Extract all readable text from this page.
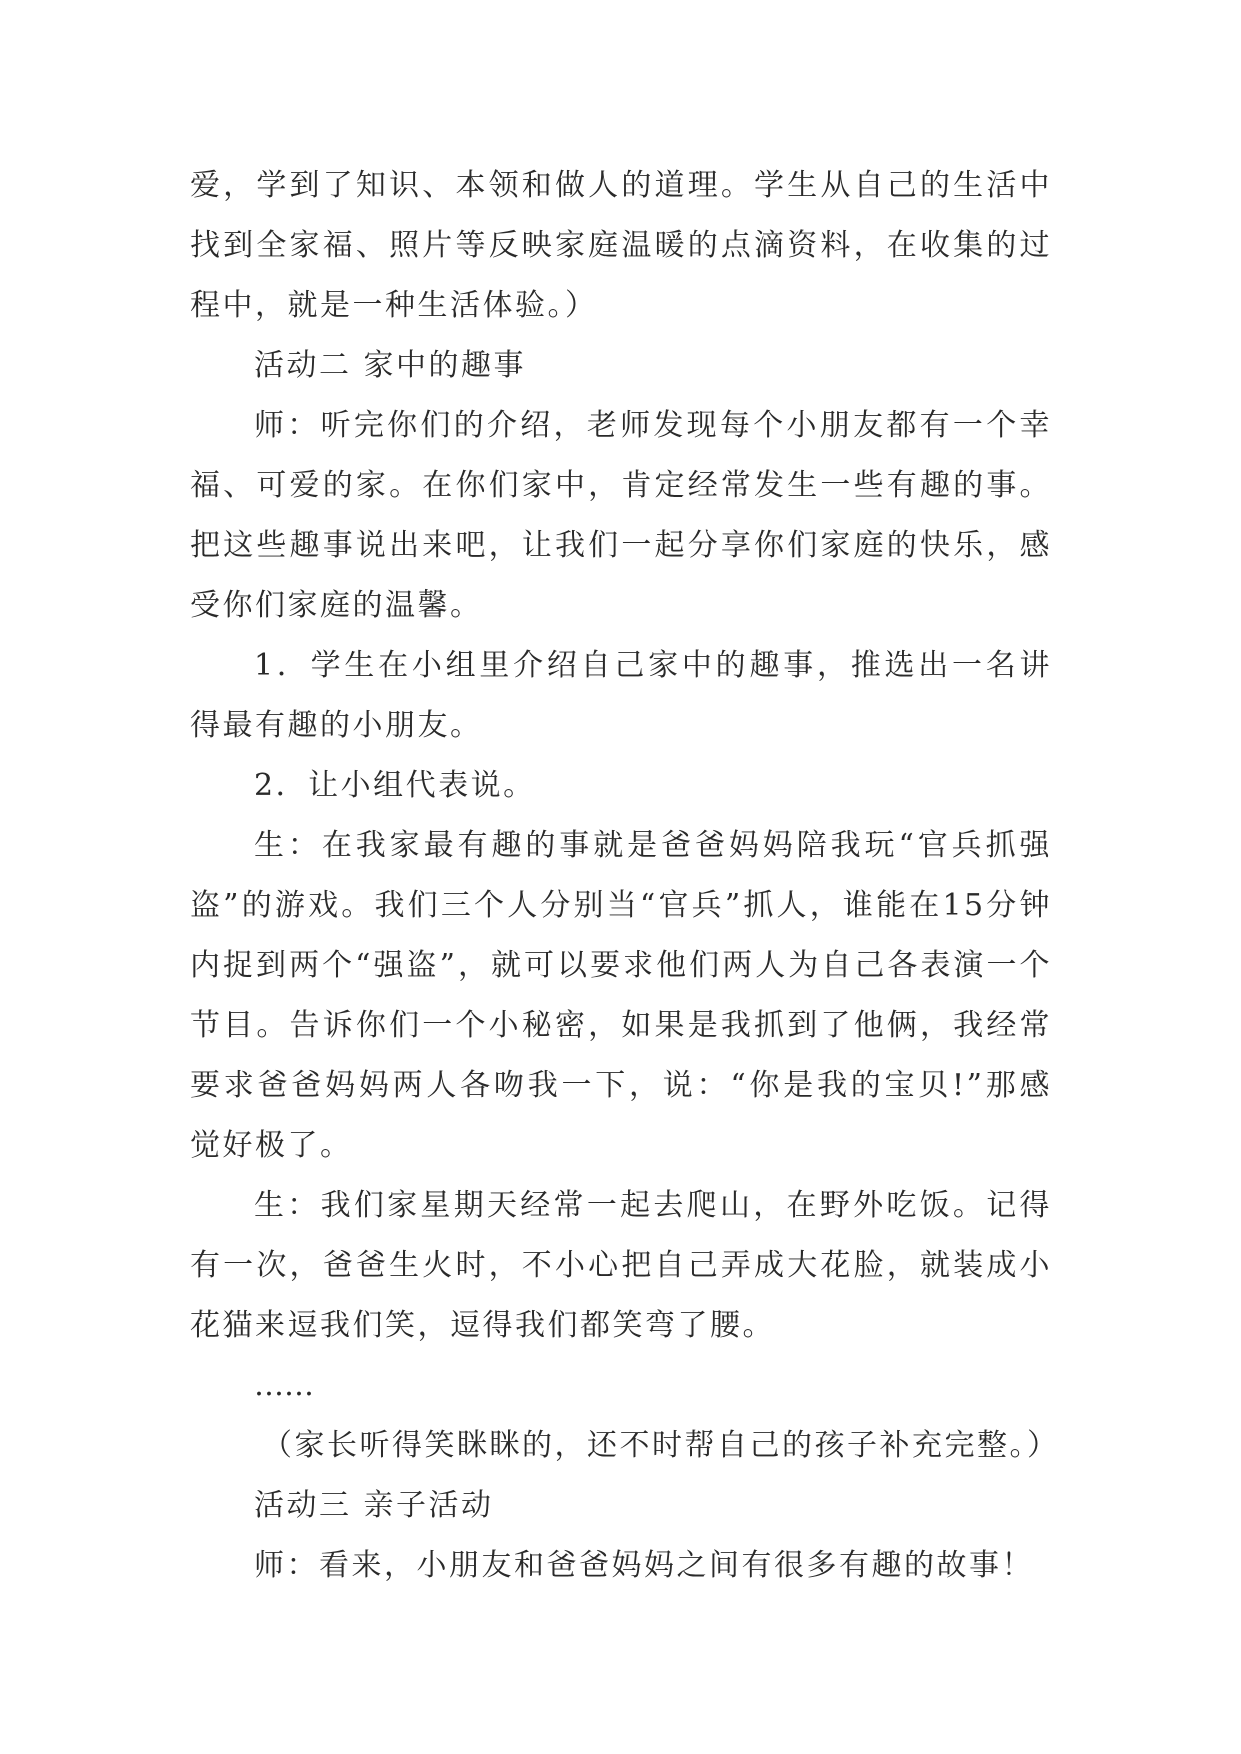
爱，学到了知识、本领和做人的道理。学生从自己的生活中找到全家福、照片等反映家庭温暖的点滴资料，在收集的过程中，就是一种生活体验。）

活动二 家中的趣事

师：听完你们的介绍，老师发现每个小朋友都有一个幸福、可爱的家。在你们家中，肯定经常发生一些有趣的事。把这些趣事说出来吧，让我们一起分享你们家庭的快乐，感受你们家庭的温馨。

1．学生在小组里介绍自己家中的趣事，推选出一名讲得最有趣的小朋友。

2．让小组代表说。

生：在我家最有趣的事就是爸爸妈妈陪我玩“官兵抓强盗”的游戏。我们三个人分别当“官兵”抓人，谁能在15分钟内捉到两个“强盗”，就可以要求他们两人为自己各表演一个节目。告诉你们一个小秘密，如果是我抓到了他俩，我经常要求爸爸妈妈两人各吻我一下，说：“你是我的宝贝!”那感觉好极了。

生：我们家星期天经常一起去爬山，在野外吃饭。记得有一次，爸爸生火时，不小心把自己弄成大花脸，就装成小花猫来逗我们笑，逗得我们都笑弯了腰。

……

（家长听得笑眯眯的，还不时帮自己的孩子补充完整。）

活动三 亲子活动

师：看来，小朋友和爸爸妈妈之间有很多有趣的故事！
